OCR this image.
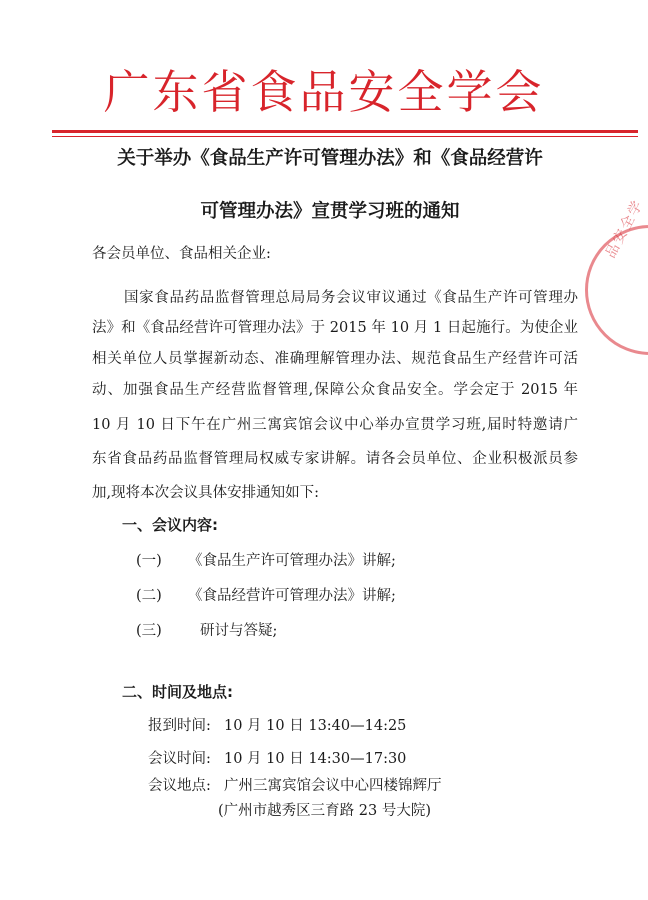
广东省食品安全学会
关于举办《食品生产许可管理办法》和《食品经营许
可管理办法》宣贯学习班的通知
各会员单位、食品相关企业:
国家食品药品监督管理总局局务会议审议通过《食品生产许可管理办
法》和《食品经营许可管理办法》于 2015 年 10 月 1 日起施行。为使企业
相关单位人员掌握新动态、准确理解管理办法、规范食品生产经营许可活
动、加强食品生产经营监督管理,保障公众食品安全。学会定于 2015 年
10 月 10 日下午在广州三寓宾馆会议中心举办宣贯学习班,届时特邀请广
东省食品药品监督管理局权威专家讲解。请各会员单位、企业积极派员参
加,现将本次会议具体安排通知如下:
一、会议内容:
(一) 《食品生产许可管理办法》讲解;
(二) 《食品经营许可管理办法》讲解;
(三)	研讨与答疑;
二、时间及地点:
报到时间: 10 月 10 日 13:40—14:25
会议时间: 10 月 10 日 14:30—17:30
会议地点: 广州三寓宾馆会议中心四楼锦辉厅
(广州市越秀区三育路 23 号大院)
品安全学
